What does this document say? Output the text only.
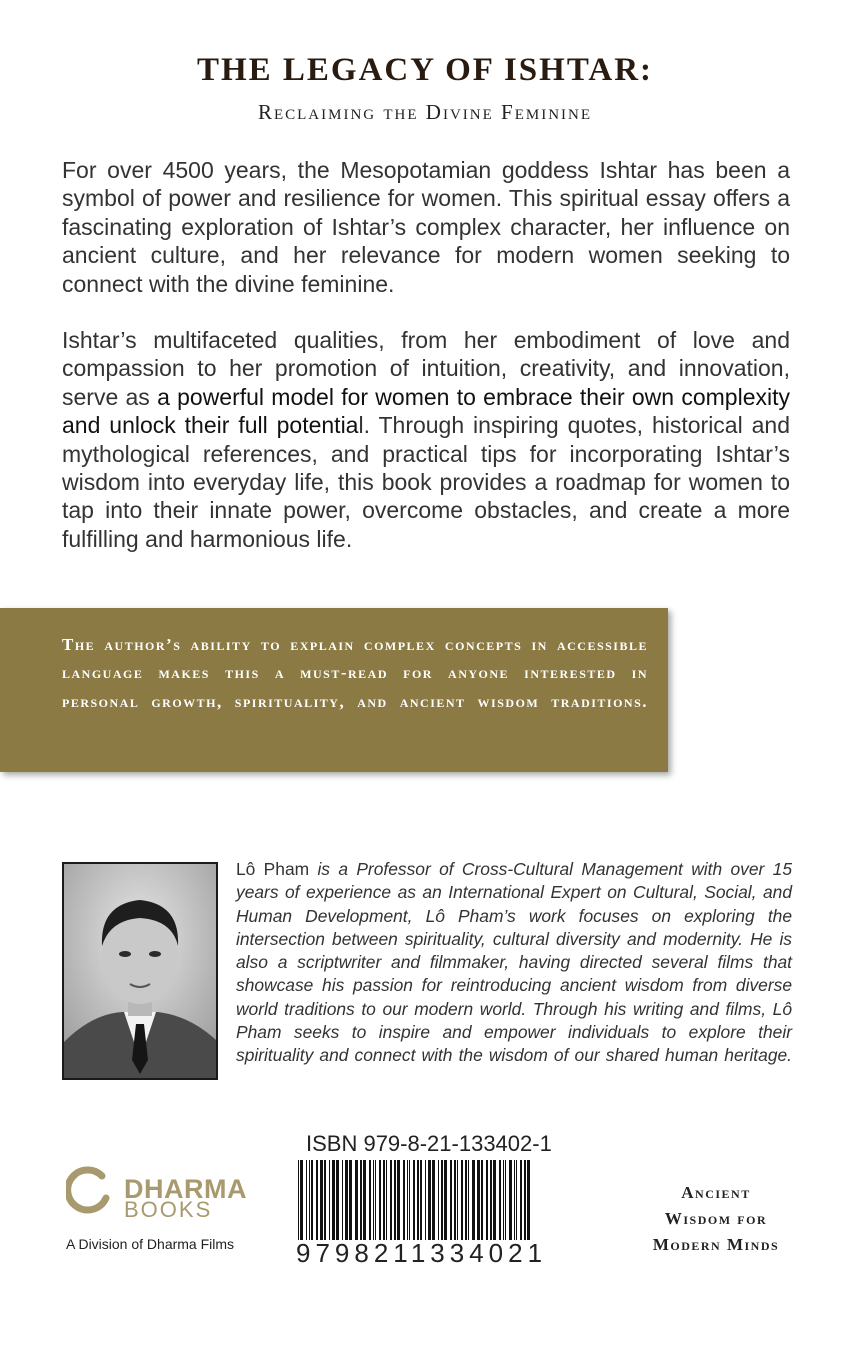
THE LEGACY OF ISHTAR:
Reclaiming the Divine Feminine

For over 4500 years, the Mesopotamian goddess Ishtar has been a symbol of power and resilience for women. This spiritual essay offers a fascinating exploration of Ishtar’s complex character, her influence on ancient culture, and her relevance for modern women seeking to connect with the divine feminine.

Ishtar’s multifaceted qualities, from her embodiment of love and compassion to her promotion of intuition, creativity, and innovation, serve as a powerful model for women to embrace their own complexity and unlock their full potential. Through inspiring quotes, historical and mythological references, and practical tips for incorporating Ishtar’s wisdom into everyday life, this book provides a roadmap for women to tap into their innate power, overcome obstacles, and create a more fulfilling and harmonious life.

The author’s ability to explain complex concepts in accessible language makes this a must-read for anyone interested in personal growth, spirituality, and ancient wisdom traditions.

Lô Pham is a Professor of Cross-Cultural Management with over 15 years of experience as an International Expert on Cultural, Social, and Human Development, Lô Pham’s work focuses on exploring the intersection between spirituality, cultural diversity and modernity. He is also a scriptwriter and filmmaker, having directed several films that showcase his passion for reintroducing ancient wisdom from diverse world traditions to our modern world. Through his writing and films, Lô Pham seeks to inspire and empower individuals to explore their spirituality and connect with the wisdom of our shared human heritage.

ISBN 979-8-21-133402-1
9798211334021
DHARMA
BOOKS
A Division of Dharma Films
Ancient
Wisdom for
Modern Minds
